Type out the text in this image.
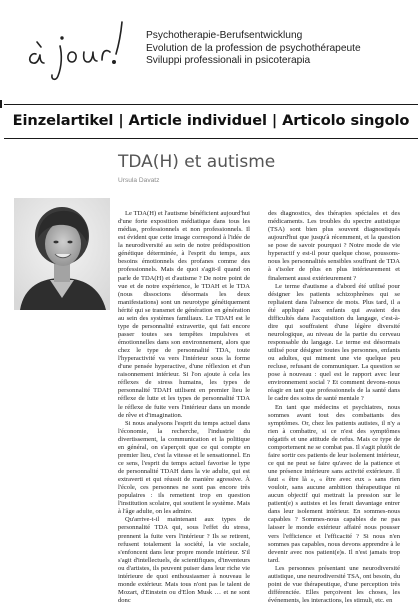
Psychotherapie-Berufsentwicklung
Evolution de la profession de psychothérapeute
Sviluppi professionali in psicoterapia
Einzelartikel | Article individuel | Articolo singolo
TDA(H) et autisme
Ursula Davatz

Le TDA(H) et l'autisme bénéficient aujourd'hui d'une forte exposition médiatique dans tous les médias, professionnels et non professionnels. Il est évident que cette image correspond à l'idée de la neurodiversité au sein de notre prédisposition génétique déterminée, à l'esprit du temps, aux besoins émotionnels des profanes comme des professionnels. Mais de quoi s'agit-il quand on parle de TDA(H) et d'autisme ? De notre point de vue et de notre expérience, le TDAH et le TDA (nous dissocions désormais les deux manifestations) sont un neurotype génétiquement hérité qui se transmet de génération en génération au sein des systèmes familiaux. Le TDAH est le type de personnalité extravertie, qui fait encore passer toutes ses tempêtes impulsives et émotionnelles dans son environnement, alors que chez le type de personnalité TDA, toute l'hyperactivité va vers l'intérieur sous la forme d'une pensée hyperactive, d'une réflexion et d'un raisonnement intérieur. Si l'on ajoute à cela les réflexes de stress humains, les types de personnalité TDAH utilisent en premier lieu le réflexe de lutte et les types de personnalité TDA le réflexe de fuite vers l'intérieur dans un monde de rêve et d'imagination.

Si nous analysons l'esprit du temps actuel dans l'économie, la recherche, l'industrie du divertissement, la communication et la politique en général, on s'aperçoit que ce qui compte en premier lieu, c'est la vitesse et le sensationnel. En ce sens, l'esprit du temps actuel favorise le type de personnalité TDAH dans la vie adulte, qui est extraverti et qui réussit de manière agressive. À l'école, ces personnes ne sont pas encore très populaires : ils remettent trop en question l'institution scolaire, qui soutient le système. Mais à l'âge adulte, on les admire.

Qu'arrive-t-il maintenant aux types de personnalité TDA qui, sous l'effet du stress, prennent la fuite vers l'intérieur ? Ils se retirent, refusent totalement la société, la vie sociale, s'enfoncent dans leur propre monde intérieur. S'il s'agit d'intellectuels, de scientifiques, d'inventeurs ou d'artistes, ils peuvent puiser dans leur riche vie intérieure de quoi enthousiasmer à nouveau le monde extérieur. Mais tous n'ont pas le talent de Mozart, d'Einstein ou d'Elon Musk … et ne sont donc

des diagnostics, des thérapies spéciales et des médicaments. Les troubles du spectre autistique (TSA) sont bien plus souvent diagnostiqués aujourd'hui que jusqu'à récemment, et la question se pose de savoir pourquoi ? Notre mode de vie hyperactif y est-il pour quelque chose, poussons-nous les personnalités sensibles souffrant de TDA à s'isoler de plus en plus intérieurement et finalement aussi extérieurement ?

Le terme d'autisme a d'abord été utilisé pour désigner les patients schizophrènes qui se repliaient dans l'absence de mots. Plus tard, il a été appliqué aux enfants qui avaient des difficultés dans l'acquisition du langage, c'est-à-dire qui souffraient d'une légère diversité neurologique, au niveau de la partie du cerveau responsable du langage. Le terme est désormais utilisé pour désigner toutes les personnes, enfants ou adultes, qui miment une vie quelque peu recluse, refusant de communiquer. La question se pose à nouveau : quel est le rapport avec leur environnement social ? Et comment devons-nous réagir en tant que professionnels de la santé dans le cadre des soins de santé mentale ?

En tant que médecins et psychiatres, nous sommes avant tout des combattants des symptômes. Or, chez les patients autistes, il n'y a rien à combattre, si ce n'est des symptômes négatifs et une attitude de refus. Mais ce type de comportement ne se combat pas. Il s'agit plutôt de faire sortir ces patients de leur isolement intérieur, ce qui ne peut se faire qu'avec de la patience et une présence intérieure sans activité extérieure. Il faut « être là », « être avec eux » sans rien vouloir, sans aucune ambition thérapeutique ni aucun objectif qui mettrait la pression sur le patient(e) s autistes et les ferait davantage entrer dans leur isolement intérieur. En sommes-nous capables ? Sommes-nous capables de ne pas laisser le monde extérieur affairé nous pousser vers l'efficience et l'efficacité ? Si nous n'en sommes pas capables, nous devons apprendre à le devenir avec nos patient(e)s. Il n'est jamais trop tard.

Les personnes présentant une neurodiversité autistique, une neurodiversité TSA, ont besoin, du point de vue thérapeutique, d'une perception très différenciée. Elles perçoivent les choses, les événements, les interactions, les stimuli, etc. en
